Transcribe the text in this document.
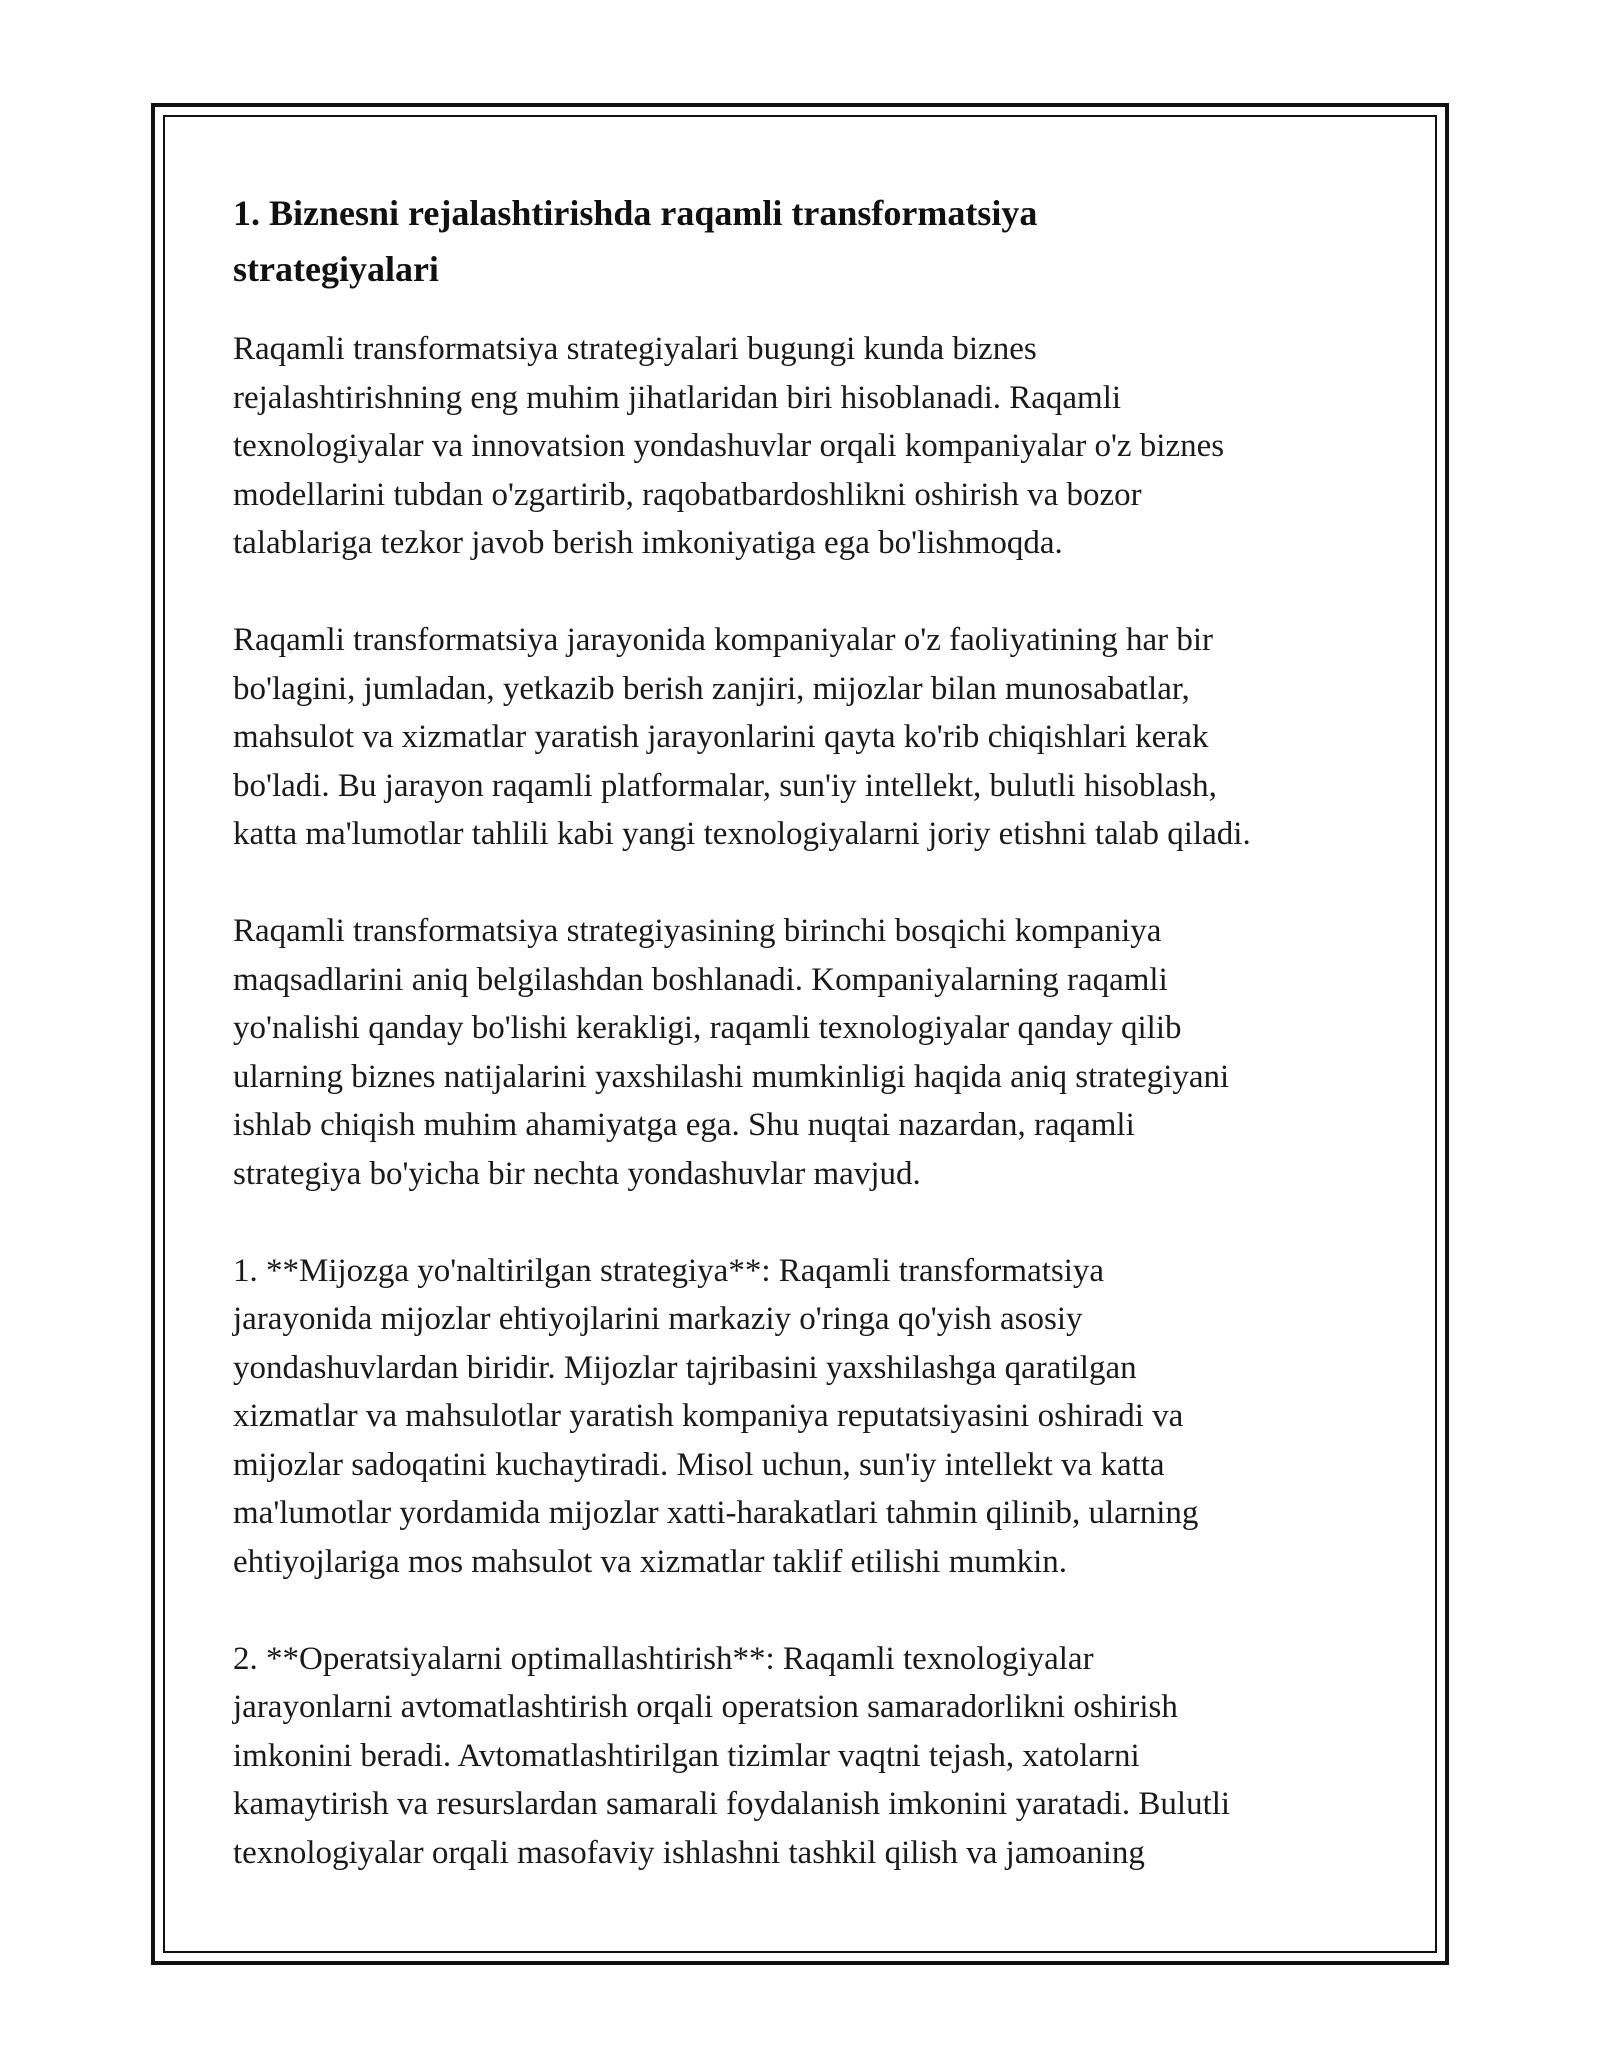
1. Biznesni rejalashtirishda raqamli transformatsiya
strategiyalari

Raqamli transformatsiya strategiyalari bugungi kunda biznes
rejalashtirishning eng muhim jihatlaridan biri hisoblanadi. Raqamli
texnologiyalar va innovatsion yondashuvlar orqali kompaniyalar o'z biznes
modellarini tubdan o'zgartirib, raqobatbardoshlikni oshirish va bozor
talablariga tezkor javob berish imkoniyatiga ega bo'lishmoqda.

Raqamli transformatsiya jarayonida kompaniyalar o'z faoliyatining har bir
bo'lagini, jumladan, yetkazib berish zanjiri, mijozlar bilan munosabatlar,
mahsulot va xizmatlar yaratish jarayonlarini qayta ko'rib chiqishlari kerak
bo'ladi. Bu jarayon raqamli platformalar, sun'iy intellekt, bulutli hisoblash,
katta ma'lumotlar tahlili kabi yangi texnologiyalarni joriy etishni talab qiladi.

Raqamli transformatsiya strategiyasining birinchi bosqichi kompaniya
maqsadlarini aniq belgilashdan boshlanadi. Kompaniyalarning raqamli
yo'nalishi qanday bo'lishi kerakligi, raqamli texnologiyalar qanday qilib
ularning biznes natijalarini yaxshilashi mumkinligi haqida aniq strategiyani
ishlab chiqish muhim ahamiyatga ega. Shu nuqtai nazardan, raqamli
strategiya bo'yicha bir nechta yondashuvlar mavjud.

1. **Mijozga yo'naltirilgan strategiya**: Raqamli transformatsiya
jarayonida mijozlar ehtiyojlarini markaziy o'ringa qo'yish asosiy
yondashuvlardan biridir. Mijozlar tajribasini yaxshilashga qaratilgan
xizmatlar va mahsulotlar yaratish kompaniya reputatsiyasini oshiradi va
mijozlar sadoqatini kuchaytiradi. Misol uchun, sun'iy intellekt va katta
ma'lumotlar yordamida mijozlar xatti-harakatlari tahmin qilinib, ularning
ehtiyojlariga mos mahsulot va xizmatlar taklif etilishi mumkin.

2. **Operatsiyalarni optimallashtirish**: Raqamli texnologiyalar
jarayonlarni avtomatlashtirish orqali operatsion samaradorlikni oshirish
imkonini beradi. Avtomatlashtirilgan tizimlar vaqtni tejash, xatolarni
kamaytirish va resurslardan samarali foydalanish imkonini yaratadi. Bulutli
texnologiyalar orqali masofaviy ishlashni tashkil qilish va jamoaning
